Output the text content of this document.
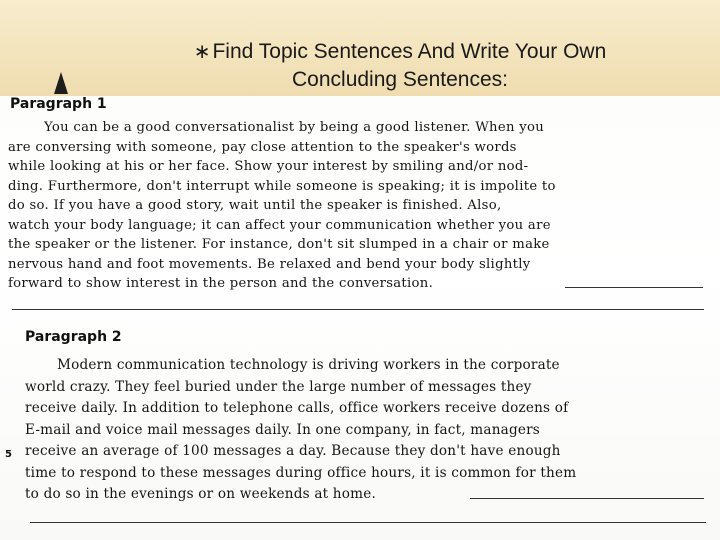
∗Find Topic Sentences And Write Your Own
Concluding Sentences:
Paragraph 1
You can be a good conversationalist by being a good listener. When you
are conversing with someone, pay close attention to the speaker's words
while looking at his or her face. Show your interest by smiling and/or nod-
ding. Furthermore, don't interrupt while someone is speaking; it is impolite to
do so. If you have a good story, wait until the speaker is finished. Also,
watch your body language; it can affect your communication whether you are
the speaker or the listener. For instance, don't sit slumped in a chair or make
nervous hand and foot movements. Be relaxed and bend your body slightly
forward to show interest in the person and the conversation.
Paragraph 2
5
Modern communication technology is driving workers in the corporate
world crazy. They feel buried under the large number of messages they
receive daily. In addition to telephone calls, office workers receive dozens of
E-mail and voice mail messages daily. In one company, in fact, managers
receive an average of 100 messages a day. Because they don't have enough
time to respond to these messages during office hours, it is common for them
to do so in the evenings or on weekends at home.
